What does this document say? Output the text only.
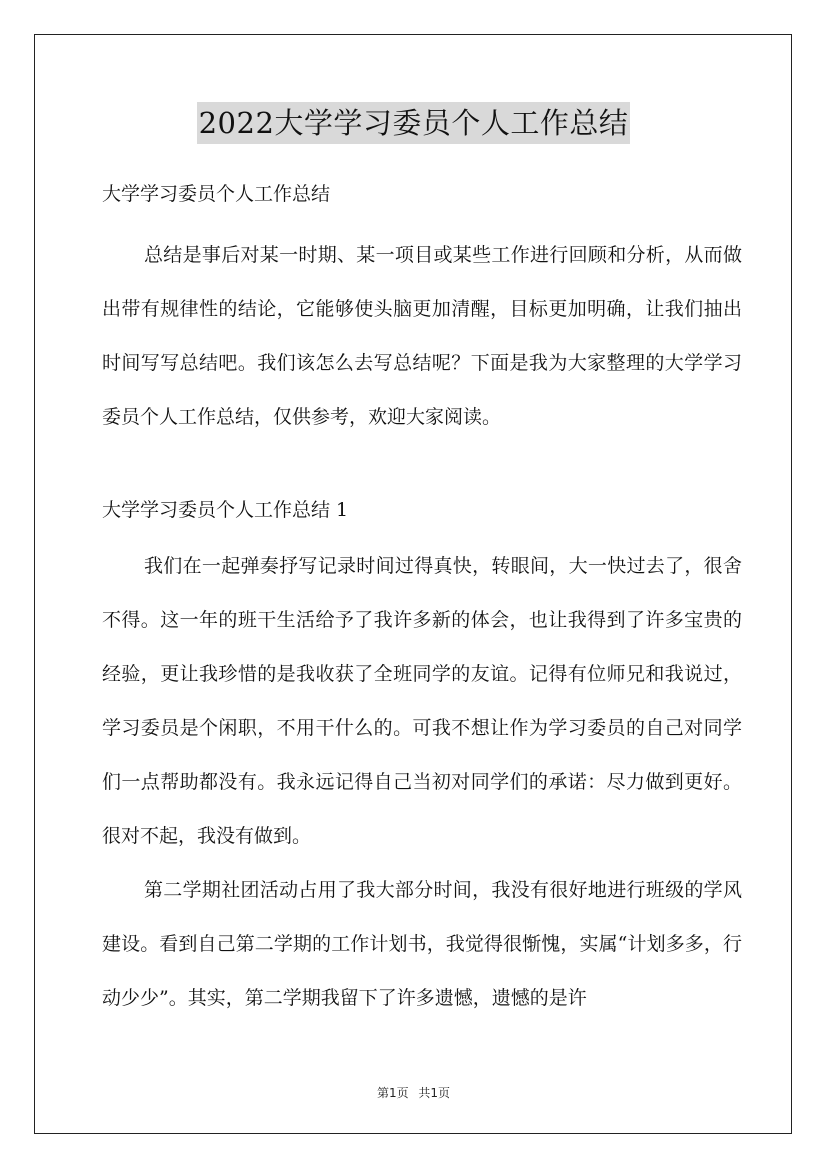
2022大学学习委员个人工作总结
大学学习委员个人工作总结

总结是事后对某一时期、某一项目或某些工作进行回顾和分析，从而做出带有规律性的结论，它能够使头脑更加清醒，目标更加明确，让我们抽出时间写写总结吧。我们该怎么去写总结呢？下面是我为大家整理的大学学习委员个人工作总结，仅供参考，欢迎大家阅读。

大学学习委员个人工作总结 1

我们在一起弹奏抒写记录时间过得真快，转眼间，大一快过去了，很舍不得。这一年的班干生活给予了我许多新的体会，也让我得到了许多宝贵的经验，更让我珍惜的是我收获了全班同学的友谊。记得有位师兄和我说过，学习委员是个闲职，不用干什么的。可我不想让作为学习委员的自己对同学们一点帮助都没有。我永远记得自己当初对同学们的承诺：尽力做到更好。很对不起，我没有做到。

第二学期社团活动占用了我大部分时间，我没有很好地进行班级的学风建设。看到自己第二学期的工作计划书，我觉得很惭愧，实属“计划多多，行动少少”。其实，第二学期我留下了许多遗憾，遗憾的是许

第1页 共1页
